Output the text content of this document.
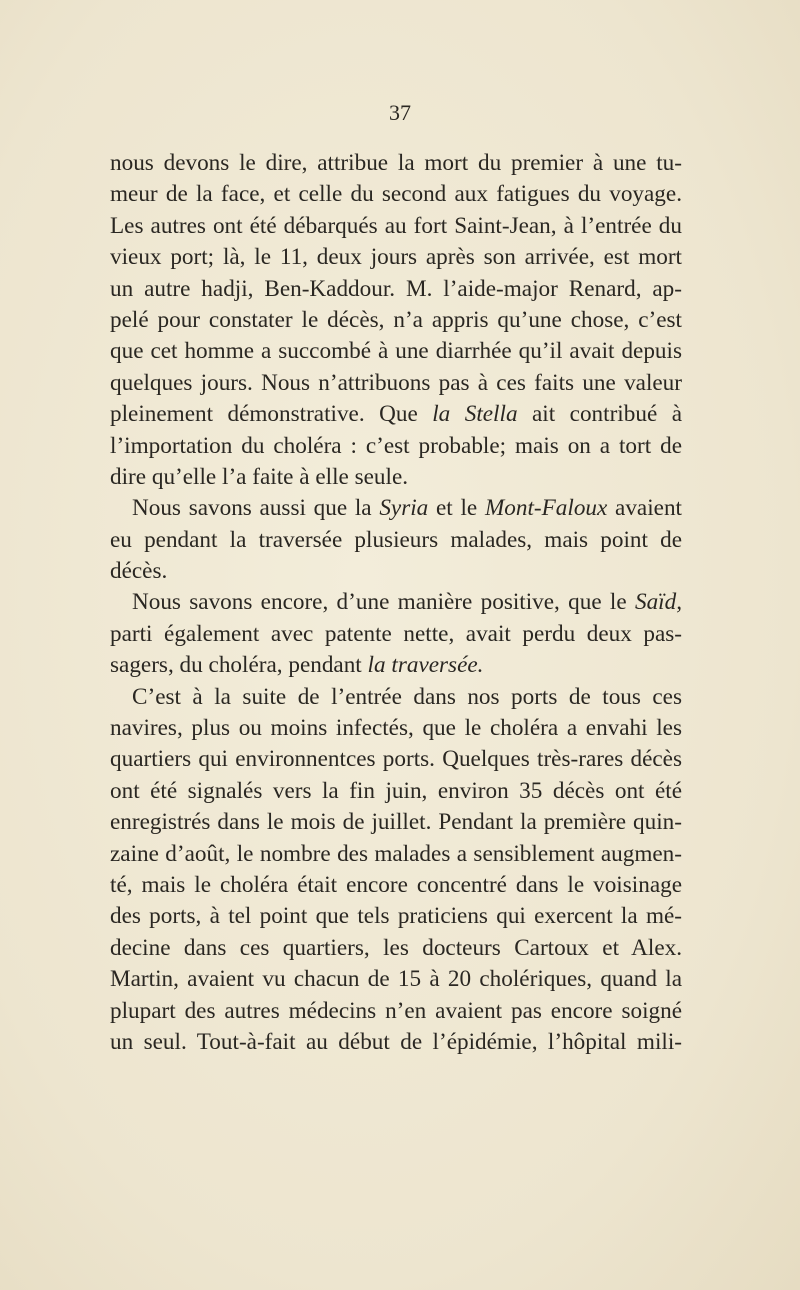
37
nous devons le dire, attribue la mort du premier à une tu-
meur de la face, et celle du second aux fatigues du voyage.
Les autres ont été débarqués au fort Saint-Jean, à l’entrée du
vieux port; là, le 11, deux jours après son arrivée, est mort
un autre hadji, Ben-Kaddour. M. l’aide-major Renard, ap-
pelé pour constater le décès, n’a appris qu’une chose, c’est
que cet homme a succombé à une diarrhée qu’il avait depuis
quelques jours. Nous n’attribuons pas à ces faits une valeur
pleinement démonstrative. Que la Stella ait contribué à
l’importation du choléra : c’est probable; mais on a tort de
dire qu’elle l’a faite à elle seule.
Nous savons aussi que la Syria et le Mont-Faloux avaient
eu pendant la traversée plusieurs malades, mais point de
décès.
Nous savons encore, d’une manière positive, que le Saïd,
parti également avec patente nette, avait perdu deux pas-
sagers, du choléra, pendant la traversée.
C’est à la suite de l’entrée dans nos ports de tous ces
navires, plus ou moins infectés, que le choléra a envahi les
quartiers qui environnentces ports. Quelques très-rares décès
ont été signalés vers la fin juin, environ 35 décès ont été
enregistrés dans le mois de juillet. Pendant la première quin-
zaine d’août, le nombre des malades a sensiblement augmen-
té, mais le choléra était encore concentré dans le voisinage
des ports, à tel point que tels praticiens qui exercent la mé-
decine dans ces quartiers, les docteurs Cartoux et Alex.
Martin, avaient vu chacun de 15 à 20 cholériques, quand la
plupart des autres médecins n’en avaient pas encore soigné
un seul. Tout-à-fait au début de l’épidémie, l’hôpital mili-
